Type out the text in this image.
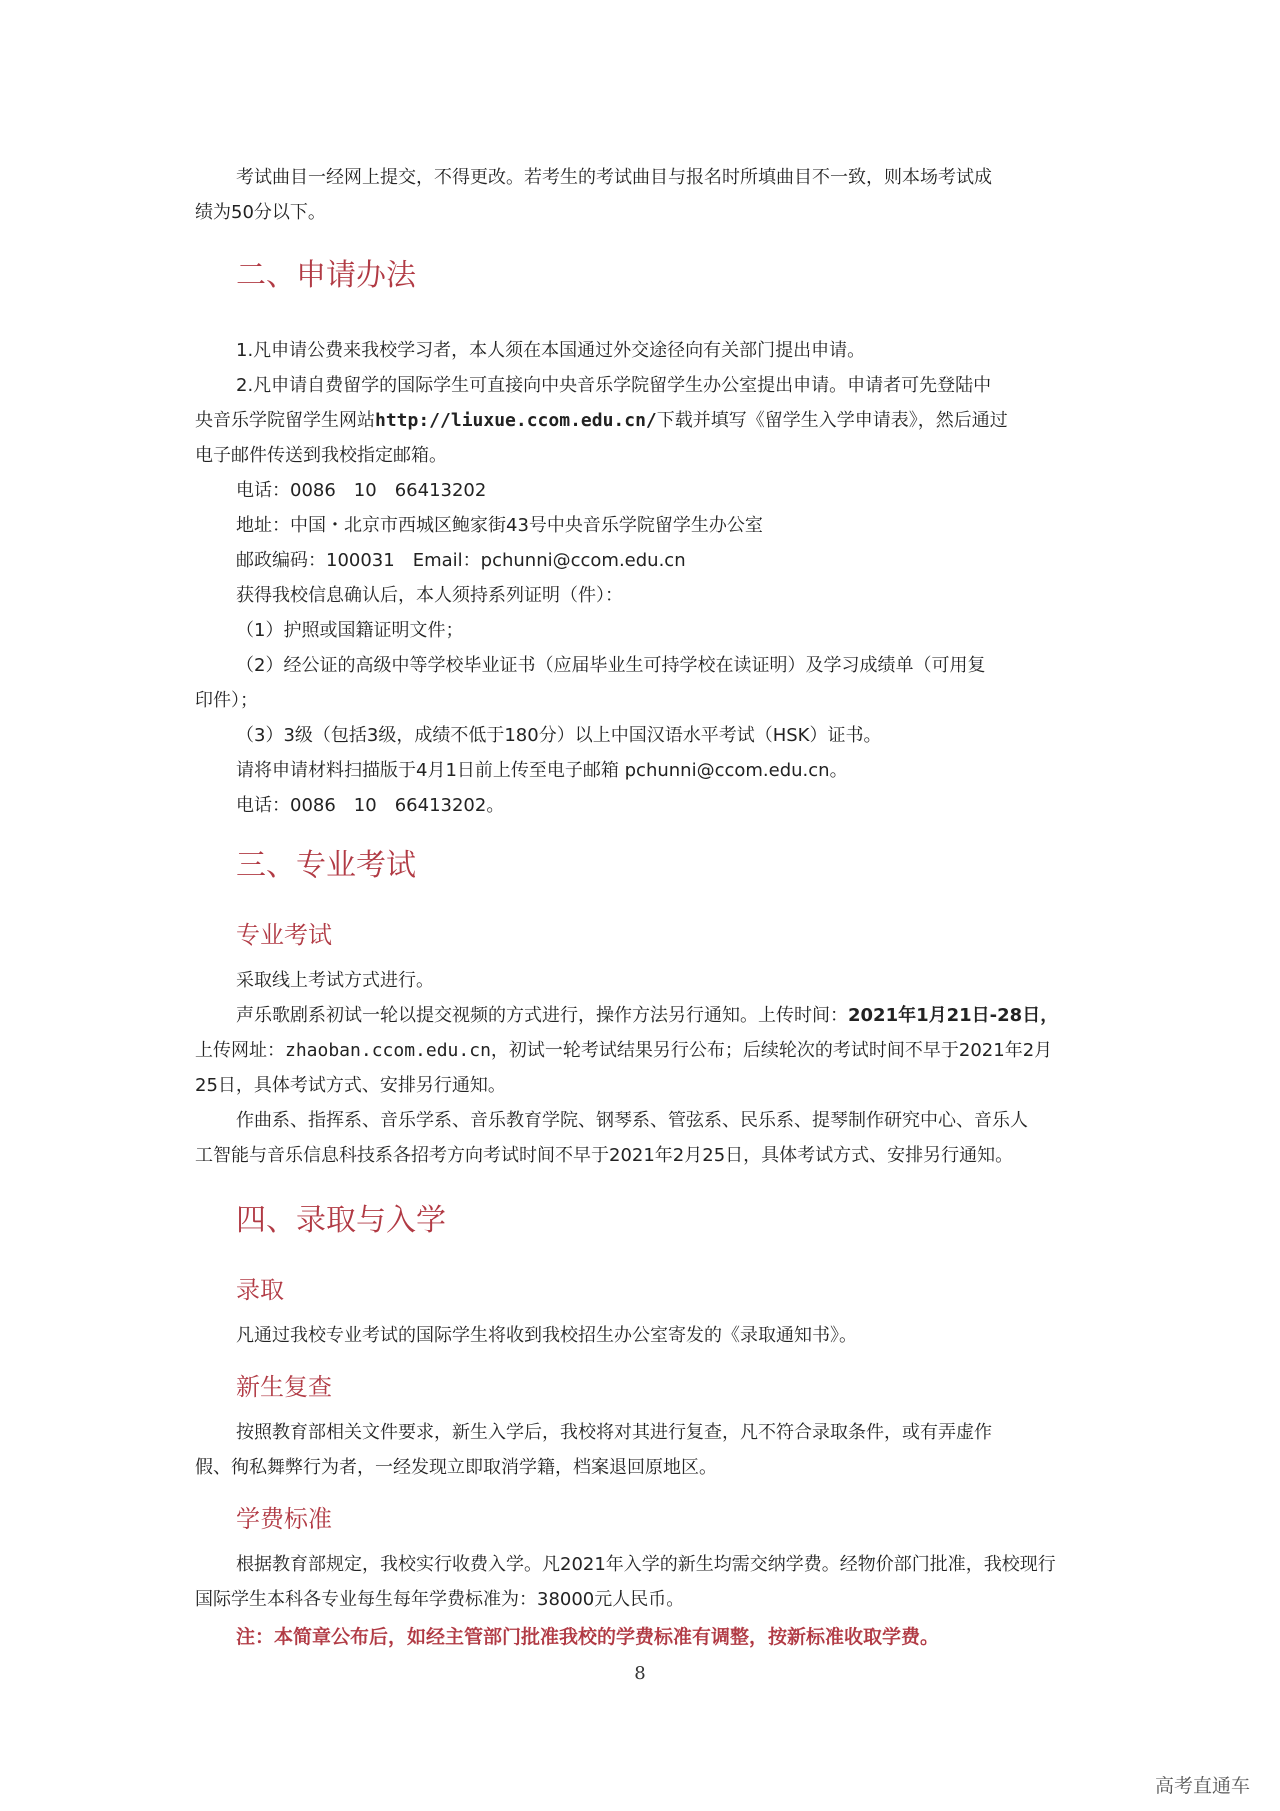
考试曲目一经网上提交，不得更改。若考生的考试曲目与报名时所填曲目不一致，则本场考试成
绩为50分以下。

二、申请办法

1.凡申请公费来我校学习者，本人须在本国通过外交途径向有关部门提出申请。

2.凡申请自费留学的国际学生可直接向中央音乐学院留学生办公室提出申请。申请者可先登陆中
央音乐学院留学生网站http://liuxue.ccom.edu.cn/下载并填写《留学生入学申请表》，然后通过
电子邮件传送到我校指定邮箱。

电话：0086　10　66413202

地址：中国・北京市西城区鲍家街43号中央音乐学院留学生办公室

邮政编码：100031　Email：pchunni@ccom.edu.cn

获得我校信息确认后，本人须持系列证明（件）：

（1）护照或国籍证明文件；

（2）经公证的高级中等学校毕业证书（应届毕业生可持学校在读证明）及学习成绩单（可用复
印件）；

（3）3级（包括3级，成绩不低于180分）以上中国汉语水平考试（HSK）证书。

请将申请材料扫描版于4月1日前上传至电子邮箱 pchunni@ccom.edu.cn。

电话：0086　10　66413202。

三、专业考试
专业考试

采取线上考试方式进行。

声乐歌剧系初试一轮以提交视频的方式进行，操作方法另行通知。上传时间：2021年1月21日-28日，
上传网址：zhaoban.ccom.edu.cn，初试一轮考试结果另行公布；后续轮次的考试时间不早于2021年2月
25日，具体考试方式、安排另行通知。

作曲系、指挥系、音乐学系、音乐教育学院、钢琴系、管弦系、民乐系、提琴制作研究中心、音乐人
工智能与音乐信息科技系各招考方向考试时间不早于2021年2月25日，具体考试方式、安排另行通知。

四、录取与入学
录取

凡通过我校专业考试的国际学生将收到我校招生办公室寄发的《录取通知书》。

新生复查

按照教育部相关文件要求，新生入学后，我校将对其进行复查，凡不符合录取条件，或有弄虚作
假、徇私舞弊行为者，一经发现立即取消学籍，档案退回原地区。

学费标准

根据教育部规定，我校实行收费入学。凡2021年入学的新生均需交纳学费。经物价部门批准，我校现行
国际学生本科各专业每生每年学费标准为：38000元人民币。

注：本简章公布后，如经主管部门批准我校的学费标准有调整，按新标准收取学费。

8
高考直通车
